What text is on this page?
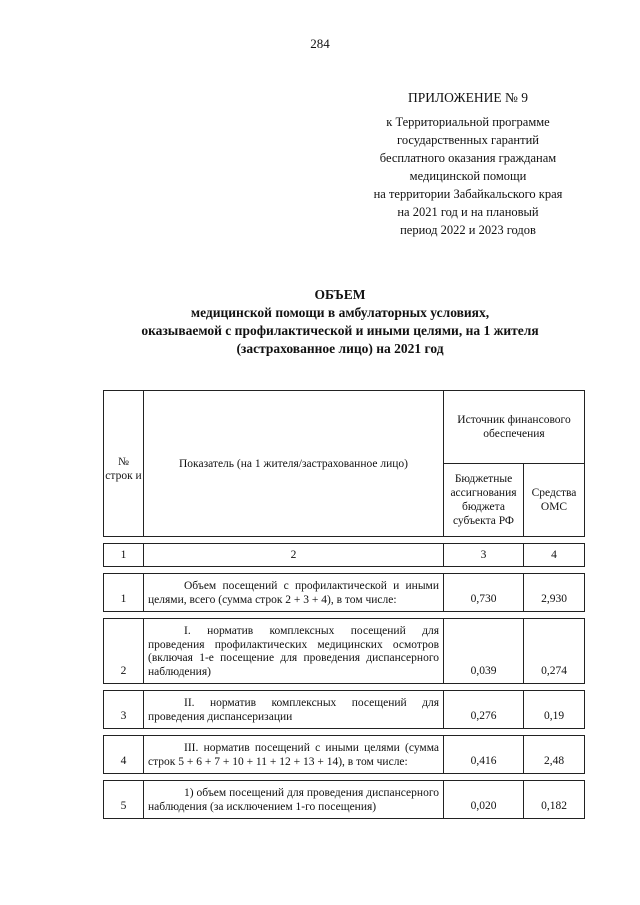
284
ПРИЛОЖЕНИЕ № 9
к Территориальной программе
государственных гарантий
бесплатного оказания гражданам
медицинской помощи
на территории Забайкальского края
на 2021 год и на плановый
период 2022 и 2023 годов
ОБЪЕМ
медицинской помощи в амбулаторных условиях,
оказываемой с профилактической и иными целями, на 1 жителя
(застрахованное лицо) на 2021 год
№ строк и	Показатель (на 1 жителя/застрахованное лицо)	Источник финансового обеспечения	
		Бюджетные ассигнования бюджета субъекта РФ	Средства ОМС

1	2	3	4

1	Объем посещений с профилактической и иными целями, всего (сумма строк 2 + 3 + 4), в том числе:	0,730	2,930

2	I. норматив комплексных посещений для проведения профилактических медицинских осмотров (включая 1-е посещение для проведения диспансерного наблюдения)	0,039	0,274

3	II. норматив комплексных посещений для проведения диспансеризации	0,276	0,19

4	III. норматив посещений с иными целями (сумма строк 5 + 6 + 7 + 10 + 11 + 12 + 13 + 14), в том числе:	0,416	2,48

5	1) объем посещений для проведения диспансерного наблюдения (за исключением 1-го посещения)	0,020	0,182
